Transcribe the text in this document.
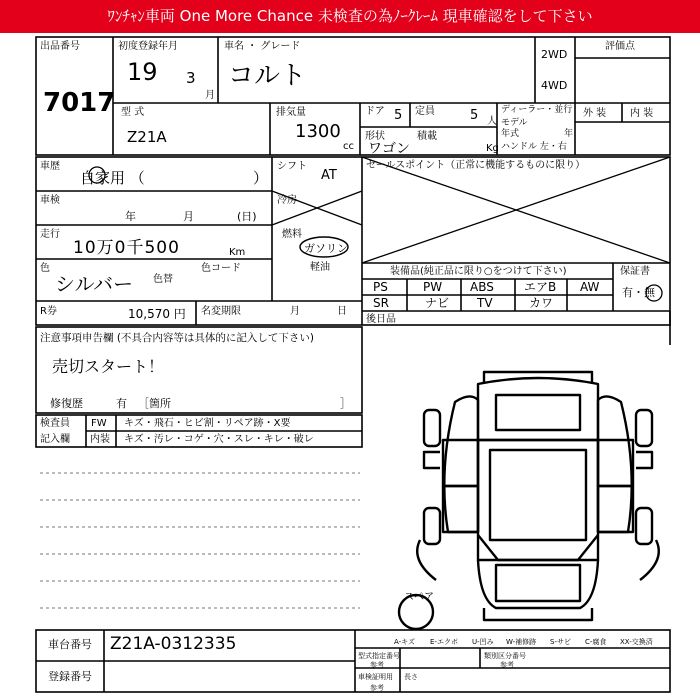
ﾜﾝﾁｬﾝ車両 One More Chance 未検査の為ﾉｰｸﾚｰﾑ 現車確認をして下さい
出品番号
7017
初度登録年月
19 3
月
車名 ・ グレード
コルト
2WD
4WD
評価点
型 式
Z21A
排気量
1300
cc
ドア 5 定員	5 人
形状
ワゴン
積載
Kg
ディーラー・並行
モデル
年式	年
ハンドル 左・右
外 装 内 装
車歴
自家用 （	）
シフト
AT
車検
年	月	(日)
冷房
走行
10万0千500	Km
燃料
ガソリン
軽油
色
シルバー 色替
色コード
R券	10,570 円 名変期限	月	日
セールスポイント（正常に機能するものに限り）
装備品(純正品に限り○をつけて下さい)
PS	PW ABS	エアB AW
SR	ナビ TV	カワ
保証書
有・無
後日品
注意事項申告欄 (不具合内容等は具体的に記入して下さい)
売切スタート！
修復歴	有 ［箇所	］
検査員
記入欄
FW キズ・飛石・ヒビ割・リペア跡・X要
内装 キズ・汚レ・コゲ・穴・スレ・キレ・破レ
スペア
A-キズ E-エクボ U-凹み W-補修跡 S-サビ C-腐食 XX-交換済
型式指定番号
参考
類別区分番号
参考
車検証明用 長さ
参考
車台番号 Z21A-0312335
登録番号
